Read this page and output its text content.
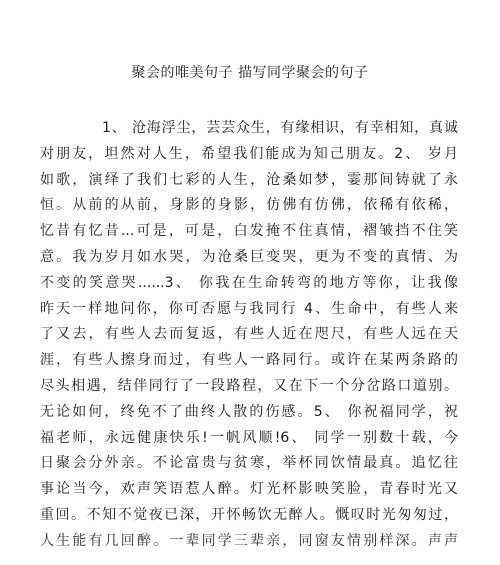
聚会的唯美句子 描写同学聚会的句子
1、 沧海浮尘，芸芸众生，有缘相识，有幸相知，真诚
对朋友，坦然对人生，希望我们能成为知己朋友。2、 岁月
如歌，演绎了我们七彩的人生，沧桑如梦，霎那间铸就了永
恒。从前的从前，身影的身影，仿佛有仿佛，依稀有依稀，
忆昔有忆昔...可是，可是，白发掩不住真情，褶皱挡不住笑
意。我为岁月如水哭，为沧桑巨变哭，更为不变的真情、为
不变的笑意哭......3、 你我在生命转弯的地方等你，让我像
昨天一样地问你，你可否愿与我同行 4、生命中，有些人来
了又去，有些人去而复返，有些人近在咫尺，有些人远在天
涯，有些人擦身而过，有些人一路同行。或许在某两条路的
尽头相遇，结伴同行了一段路程，又在下一个分岔路口道别。
无论如何，终免不了曲终人散的伤感。5、 你祝福同学，祝
福老师，永远健康快乐!一帆风顺!6、 同学一别数十载，今
日聚会分外亲。不论富贵与贫寒，举杯同饮情最真。追忆往
事论当今，欢声笑语惹人醉。灯光杯影映笑脸，青春时光又
重回。不知不觉夜已深，开怀畅饮无醉人。慨叹时光匆匆过，
人生能有几回醉。一辈同学三辈亲，同窗友情别样深。声声
